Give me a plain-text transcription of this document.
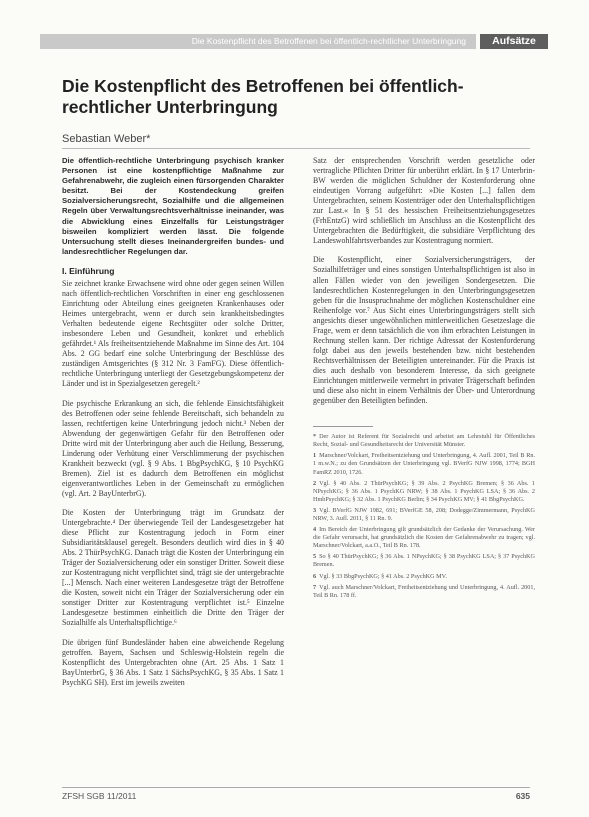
Die Kostenpflicht des Betroffenen bei öffentlich-rechtlicher Unterbringung	Aufsätze
Die Kostenpflicht des Betroffenen bei öffentlich-rechtlicher Unterbringung
Sebastian Weber*

Die öffentlich-rechtliche Unterbringung psychisch kranker Personen ist eine kostenpflichtige Maßnahme zur Gefahrenabwehr, die zugleich einen fürsorgenden Charakter besitzt. Bei der Kostendeckung greifen Sozialversicherungsrecht, Sozialhilfe und die allgemeinen Regeln über Verwaltungsrechtsverhältnisse ineinander, was die Abwicklung eines Einzelfalls für Leistungsträger bisweilen kompliziert werden lässt. Die folgende Untersuchung stellt dieses Ineinandergreifen bundes- und landesrechtlicher Regelungen dar.

I. Einführung

Sie zeichnet kranke Erwachsene wird ohne oder gegen seinen Willen nach öffentlich-rechtlichen Vorschriften in einer eng geschlossenen Einrichtung oder Abteilung eines geeigneten Krankenhauses oder Heimes untergebracht, wenn er durch sein krankheitsbedingtes Verhalten bedeutende eigene Rechtsgüter oder solche Dritter, insbesondere Leben und Gesundheit, konkret und erheblich gefährdet.¹ Als freiheitsentziehende Maßnahme im Sinne des Art. 104 Abs. 2 GG bedarf eine solche Unterbringung der Beschlüsse des zuständigen Amtsgerichtes (§ 312 Nr. 3 FamFG). Diese öffentlich-rechtliche Unterbringung unterliegt der Gesetzgebungskompetenz der Länder und ist in Spezialgesetzen geregelt.²

Die psychische Erkrankung an sich, die fehlende Einsichtsfähigkeit des Betroffenen oder seine fehlende Bereitschaft, sich behandeln zu lassen, rechtfertigen keine Unterbringung jedoch nicht.³ Neben der Abwendung der gegenwärtigen Gefahr für den Betroffenen oder Dritte wird mit der Unterbringung aber auch die Heilung, Besserung, Linderung oder Verhütung einer Verschlimmerung der psychischen Krankheit bezweckt (vgl. § 9 Abs. 1 BbgPsychKG, § 10 PsychKG Bremen). Ziel ist es dadurch dem Betroffenen ein möglichst eigenverantwortliches Leben in der Gemeinschaft zu ermöglichen (vgl. Art. 2 BayUnterbrG).

Die Kosten der Unterbringung trägt im Grundsatz der Untergebrachte.⁴ Der überwiegende Teil der Landesgesetzgeber hat diese Pflicht zur Kostentragung jedoch in Form einer Subsidiaritätsklausel geregelt. Besonders deutlich wird dies in § 40 Abs. 2 ThürPsychKG. Danach trägt die Kosten der Unterbringung ein Träger der Sozialversicherung oder ein sonstiger Dritter. Soweit diese zur Kostentragung nicht verpflichtet sind, trägt sie der untergebrachte [...] Mensch. Nach einer weiteren Landesgesetze trägt der Betroffene die Kosten, soweit nicht ein Träger der Sozialversicherung oder ein sonstiger Dritter zur Kostentragung verpflichtet ist.⁵ Einzelne Landesgesetze bestimmen einheitlich die Dritte den Träger der Sozialhilfe als Unterhaltspflichtige.⁶

Die übrigen fünf Bundesländer haben eine abweichende Regelung getroffen. Bayern, Sachsen und Schleswig-Holstein regeln die Kostenpflicht des Untergebrachten ohne (Art. 25 Abs. 1 Satz 1 BayUnterbrG, § 36 Abs. 1 Satz 1 SächsPsychKG, § 35 Abs. 1 Satz 1 PsychKG SH). Erst im jeweils zweiten

Satz der entsprechenden Vorschrift werden gesetzliche oder vertragliche Pflichten Dritter für unberührt erklärt. In § 17 Unterbrin-BW werden die möglichen Schuldner der Kostenforderung ohne eindeutigen Vorrang aufgeführt: »Die Kosten [...] fallen dem Untergebrachten, seinem Kostenträger oder den Unterhaltspflichtigen zur Last.« In § 51 des hessischen Freiheitsentziehungsgesetzes (FrhEntzG) wird schließlich im Anschluss an die Kostenpflicht des Untergebrachten die Bedürftigkeit, die subsidiäre Verpflichtung des Landeswohlfahrtsverbandes zur Kostentragung normiert.

Die Kostenpflicht, einer Sozialversicherungsträgers, der Sozialhilfeträger und eines sonstigen Unterhaltspflichtigen ist also in allen Fällen wieder von den jeweiligen Sondergesetzen. Die landesrechtlichen Kostenregelungen in den Unterbringungsgesetzen geben für die Insuspruchnahme der möglichen Kostenschuldner eine Reihenfolge vor.⁷ Aus Sicht eines Unterbringungsträgers stellt sich angesichts dieser ungewöhnlichen mittlerweitlichen Gesetzeslage die Frage, wem er denn tatsächlich die von ihm erbrachten Leistungen in Rechnung stellen kann. Der richtige Adressat der Kostenforderung folgt dabei aus den jeweils bestehenden bzw. nicht bestehenden Rechtsverhältnissen der Beteiligten untereinander. Für die Praxis ist dies auch deshalb von besonderem Interesse, da sich geeignete Einrichtungen mittlerweile vermehrt in privater Trägerschaft befinden und diese also nicht in einem Verhältnis der Über- und Unterordnung gegenüber den Beteiligten befinden.

* Der Autor ist Referent für Sozialrecht und arbeitet am Lehrstuhl für Öffentliches Recht, Sozial- und Gesundheitsrecht der Universität Münster.
1 Marschner/Volckart, Freiheitsentziehung und Unterbringung, 4. Aufl. 2001, Teil B Rn. 1 m.w.N.; zu den Grundsätzen der Unterbringung vgl. BVerfG NJW 1998, 1774; BGH FamRZ 2010, 1726.
2 Vgl. § 40 Abs. 2 ThürPsychKG; § 39 Abs. 2 PsychKG Bremen; § 36 Abs. 1 NPsychKG; § 36 Abs. 1 PsychKG NRW; § 38 Abs. 1 PsychKG LSA; § 36 Abs. 2 HmbPsychKG; § 32 Abs. 1 PsychKG Berlin; § 34 PsychKG MV; § 41 BbgPsychKG.
3 Vgl. BVerfG NJW 1982, 691; BVerfGE 58, 208; Dodegge/Zimmermann, PsychKG NRW, 3. Aufl. 2011, § 11 Rn. 9.
4 Im Bereich der Unterbringung gilt grundsätzlich der Gedanke der Verursachung. Wer die Gefahr verursacht, hat grundsätzlich die Kosten der Gefahrenabwehr zu tragen; vgl. Marschner/Volckart, a.a.O., Teil B Rn. 178.
5 So § 40 ThürPsychKG; § 36 Abs. 1 NPsychKG; § 38 PsychKG LSA; § 37 PsychKG Bremen.
6 Vgl. § 33 BbgPsychKG; § 41 Abs. 2 PsychKG MV.
7 Vgl. auch Marschner/Volckart, Freiheitsentziehung und Unterbringung, 4. Aufl. 2001, Teil B Rn. 178 ff.
ZFSH SGB 11/2011	635
